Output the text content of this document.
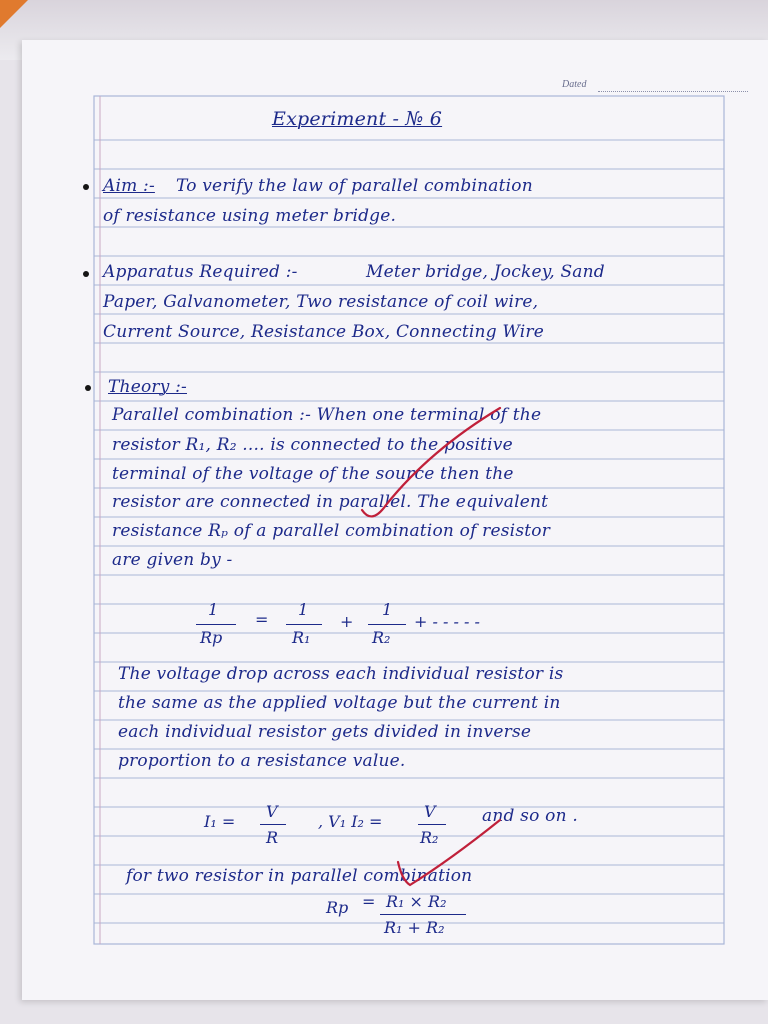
Dated
Experiment - № 6
Aim :- To verify the law of parallel combination
of resistance using meter bridge.
Apparatus Required :-	Meter bridge, Jockey, Sand
Paper, Galvanometer, Two resistance of coil wire,
Current Source, Resistance Box, Connecting Wire
Theory :-
Parallel combination :- When one terminal of the
resistor R₁, R₂ .... is connected to the positive
terminal of the voltage of the source then the
resistor are connected in parallel. The equivalent
resistance Rₚ of a parallel combination of resistor
are given by -
1
Rp
=
1
R₁
+
1
R₂
+ - - - - -
The voltage drop across each individual resistor is
the same as the applied voltage but the current in
each individual resistor gets divided in inverse
proportion to a resistance value.
I₁ =
V
R
, V₁ I₂ =
V
R₂
and so on .
for two resistor in parallel combination
Rp = R₁ × R₂
R₁ + R₂
